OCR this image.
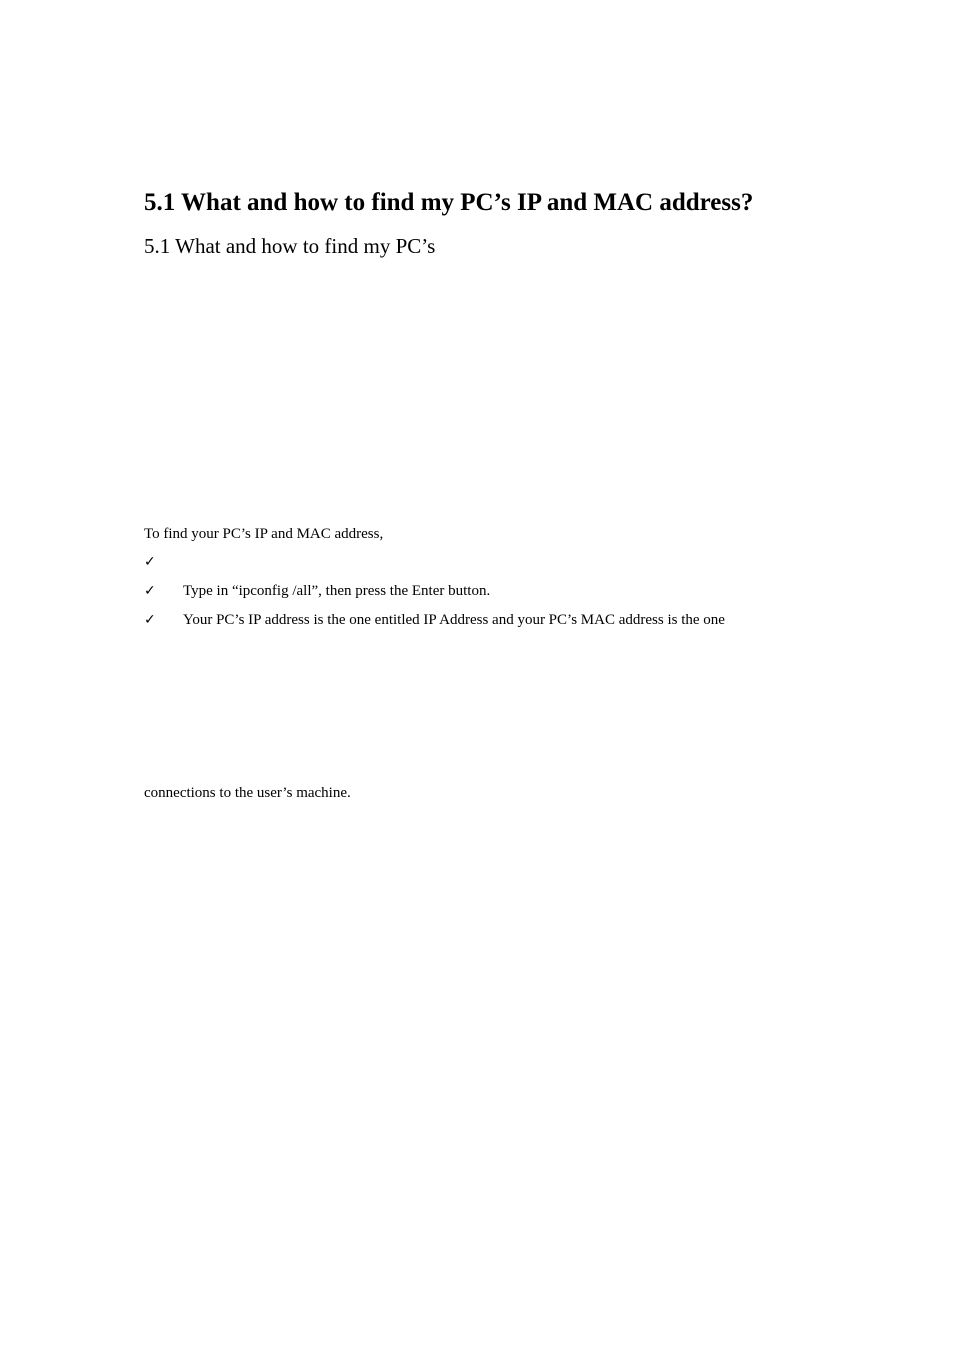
5.1 What and how to find my PC’s IP and MAC address?
5.1 What and how to find my PC’s

To find your PC’s IP and MAC address,

✓
✓	Type in “ipconfig /all”, then press the Enter button.
✓	Your PC’s IP address is the one entitled IP Address and your PC’s MAC address is the one

connections to the user’s machine.
